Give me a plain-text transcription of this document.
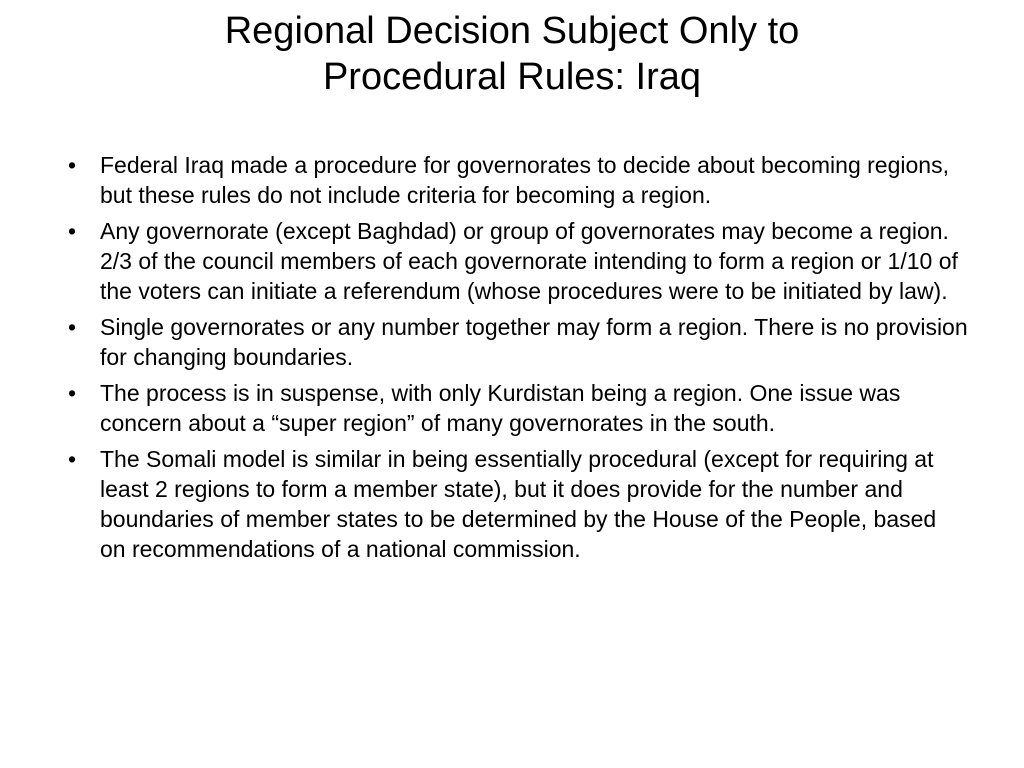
Regional Decision Subject Only to
Procedural Rules: Iraq
•	Federal Iraq made a procedure for governorates to decide about becoming regions, but these rules do not include criteria for becoming a region.
•	Any governorate (except Baghdad) or group of governorates may become a region. 2/3 of the council members of each governorate intending to form a region or 1/10 of the voters can initiate a referendum (whose procedures were to be initiated by law).
•	Single governorates or any number together may form a region. There is no provision for changing boundaries.
•	The process is in suspense, with only Kurdistan being a region. One issue was concern about a “super region” of many governorates in the south.
•	The Somali model is similar in being essentially procedural (except for requiring at least 2 regions to form a member state), but it does provide for the number and boundaries of member states to be determined by the House of the People, based on recommendations of a national commission.
